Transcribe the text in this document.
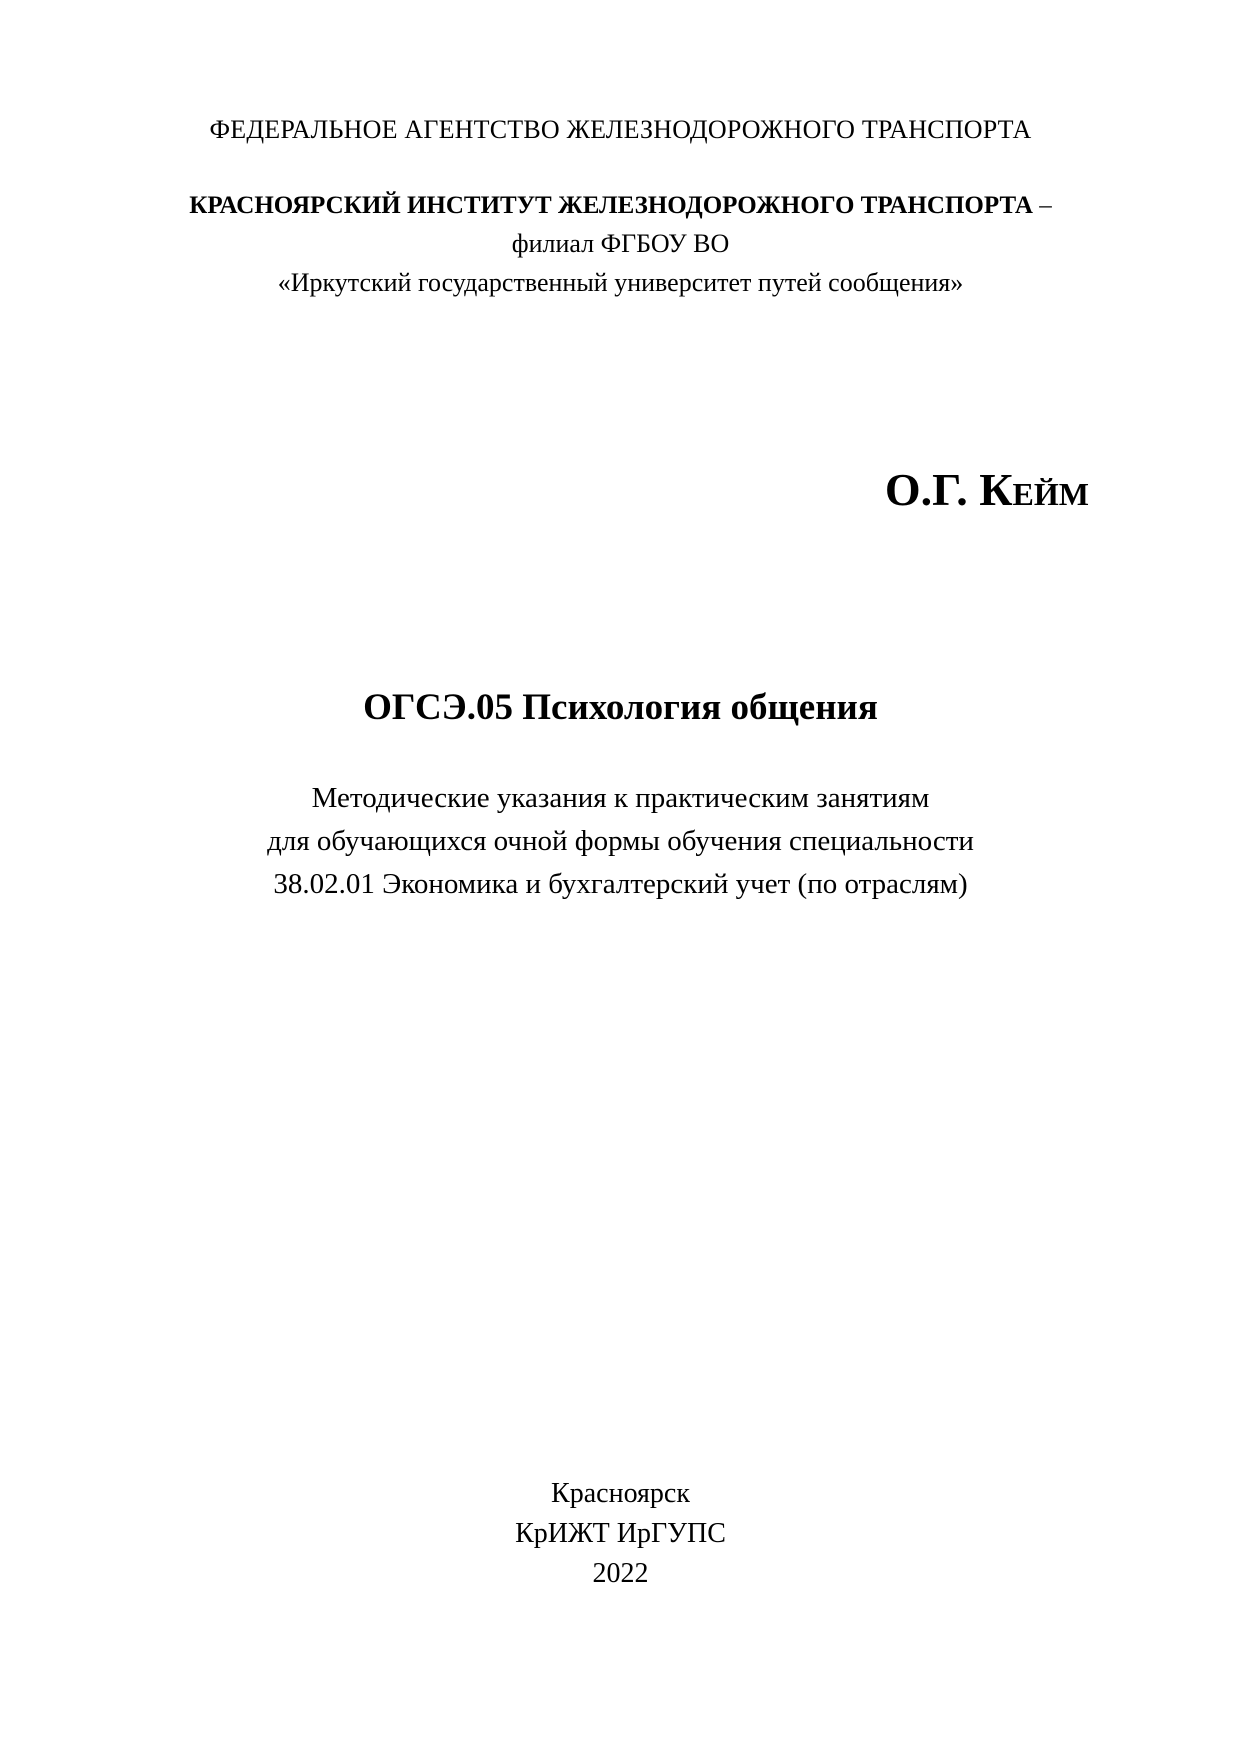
ФЕДЕРАЛЬНОЕ АГЕНТСТВО ЖЕЛЕЗНОДОРОЖНОГО ТРАНСПОРТА
КРАСНОЯРСКИЙ ИНСТИТУТ ЖЕЛЕЗНОДОРОЖНОГО ТРАНСПОРТА –
филиал ФГБОУ ВО
«Иркутский государственный университет путей сообщения»
О.Г. Кейм
ОГСЭ.05 Психология общения
Методические указания к практическим занятиям
для обучающихся очной формы обучения специальности
38.02.01 Экономика и бухгалтерский учет (по отраслям)
Красноярск
КрИЖТ ИрГУПС
2022
